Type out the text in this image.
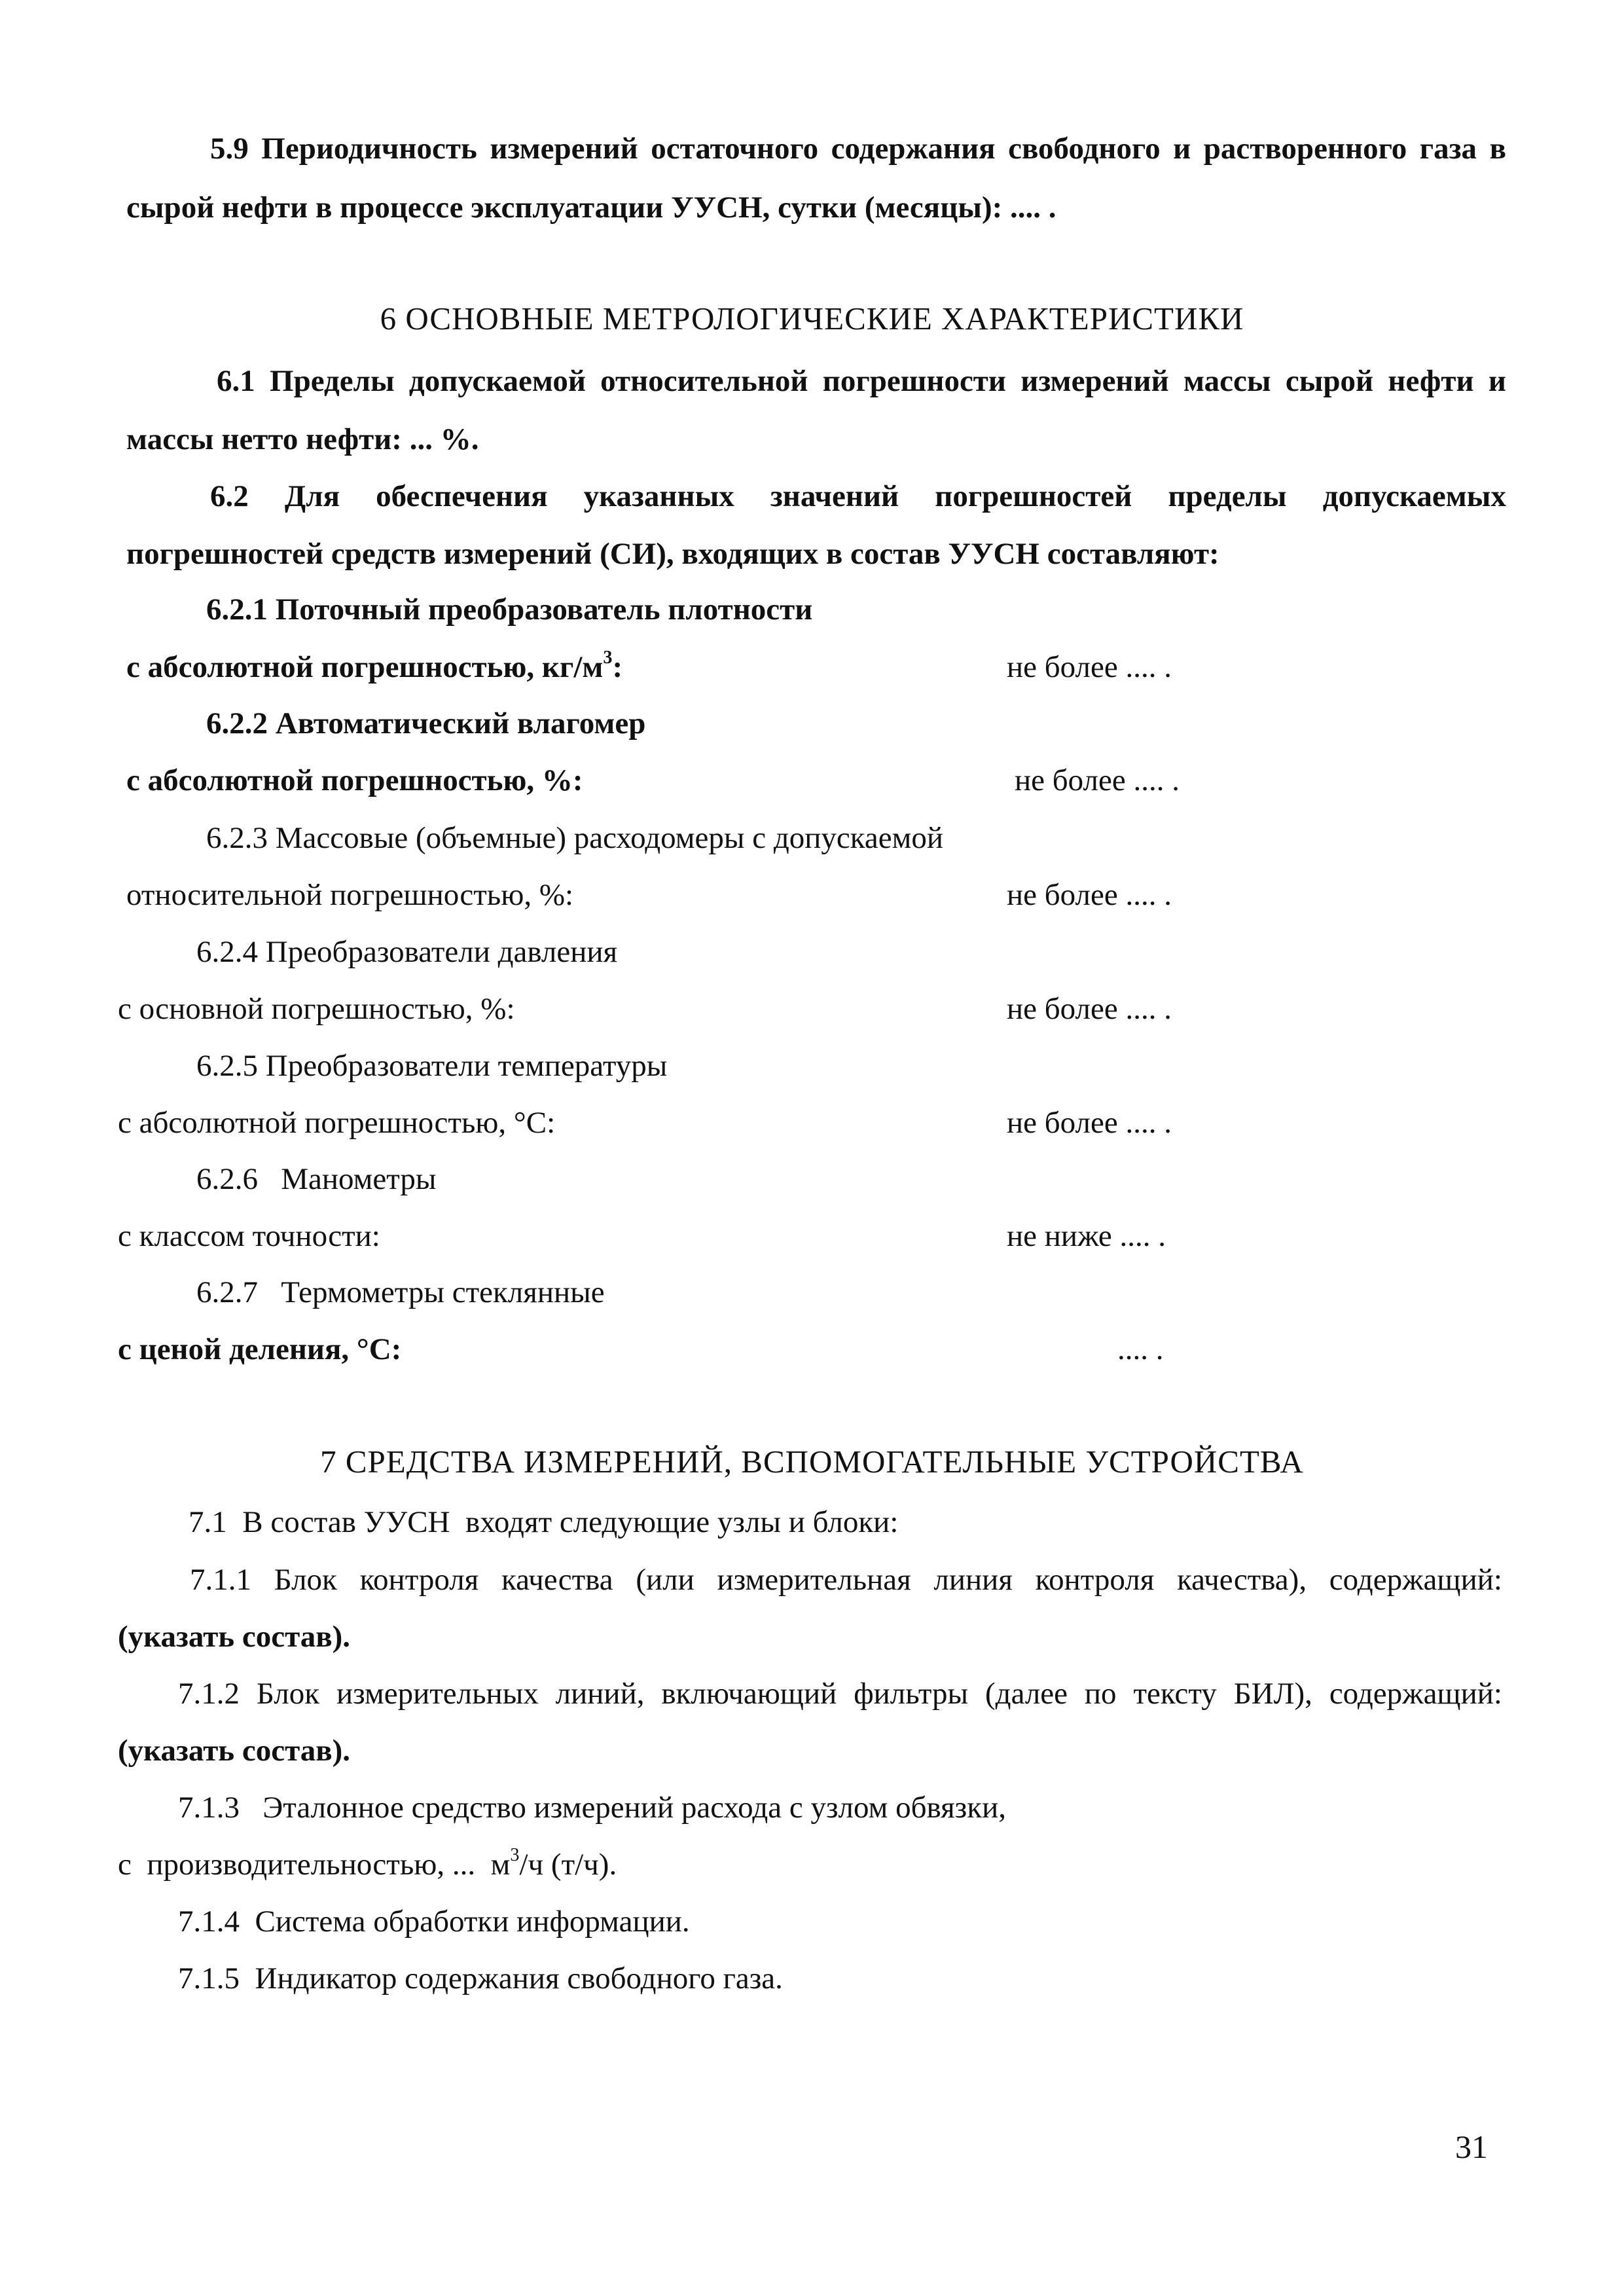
5.9 Периодичность измерений остаточного содержания свободного и растворенного газа в
сырой нефти в процессе эксплуатации УУСН, сутки (месяцы): .... .
6 ОСНОВНЫЕ МЕТРОЛОГИЧЕСКИЕ ХАРАКТЕРИСТИКИ
6.1 Пределы допускаемой относительной погрешности измерений массы сырой нефти и
массы нетто нефти: ... %.
6.2 Для обеспечения указанных значений погрешностей пределы допускаемых
погрешностей средств измерений (СИ), входящих в состав УУСН составляют:
6.2.1 Поточный преобразователь плотности
с абсолютной погрешностью, $кг/м^3$:	не более .... .
6.2.2 Автоматический влагомер
с абсолютной погрешностью, %:	не более .... .
6.2.3 Массовые (объемные) расходомеры с допускаемой
относительной погрешностью, %:	не более .... .
6.2.4 Преобразователи давления
с основной погрешностью, %:	не более .... .
6.2.5 Преобразователи температуры
с абсолютной погрешностью, °С:	не более .... .
6.2.6   Манометры
с классом точности:	не ниже .... .
6.2.7   Термометры стеклянные
с ценой деления, °С:	.... .
7 СРЕДСТВА ИЗМЕРЕНИЙ, ВСПОМОГАТЕЛЬНЫЕ УСТРОЙСТВА
7.1  В состав УУСН  входят следующие узлы и блоки:
7.1.1 Блок контроля качества (или измерительная линия контроля качества), содержащий:
(указать состав).
7.1.2 Блок измерительных линий, включающий фильтры (далее по тексту БИЛ), содержащий:
(указать состав).
7.1.3   Эталонное средство измерений расхода с узлом обвязки,
с  производительностью, ...  $м^3/ч$ (т/ч).
7.1.4  Система обработки информации.
7.1.5  Индикатор содержания свободного газа.
31
